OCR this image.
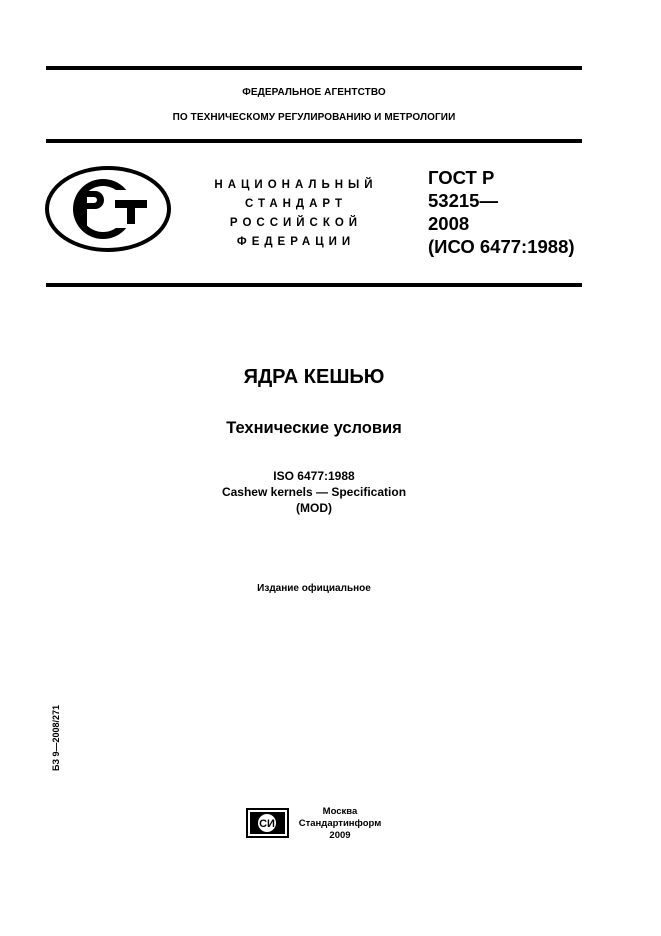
ФЕДЕРАЛЬНОЕ АГЕНТСТВО
ПО ТЕХНИЧЕСКОМУ РЕГУЛИРОВАНИЮ И МЕТРОЛОГИИ
НАЦИОНАЛЬНЫЙ
СТАНДАРТ
РОССИЙСКОЙ
ФЕДЕРАЦИИ
ГОСТ Р
53215—
2008
(ИСО 6477:1988)
ЯДРА КЕШЬЮ
Технические условия
ISO 6477:1988
Cashew kernels — Specification
(MOD)
Издание официальное
БЗ 9—2008/271
СИ
Москва
Стандартинформ
2009
